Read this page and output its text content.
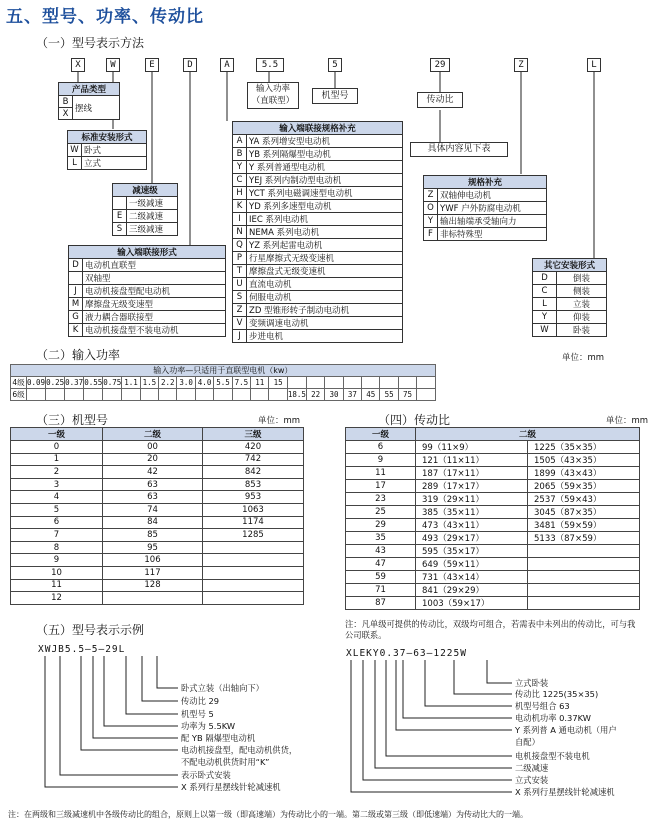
五、型号、功率、传动比
（一）型号表示方法
X	W	E	D	A	5.5	5	29	Z	L
产品类型
B	摆线
X
标准安装形式	
W	卧式
L	立式
减速级	
	一级减速
E	二级减速
S	三级减速
输入端联接形式	
D	电动机直联型
	双轴型
J	电动机接盘型配电动机
M	摩擦盘无级变速型
G	液力耦合器联接型
K	电动机接盘型不装电动机
输入功率
（直联型）	机型号	传动比
具体内容见下表
输入端联接规格补充	
A	YA 系列增安型电动机
B	YB 系列隔爆型电动机
Y	Y 系列普通型电动机
C	YEJ 系列内制动型电动机
H	YCT 系列电磁调速型电动机
K	YD 系列多速型电动机
I	IEC 系列电动机
N	NEMA 系列电动机
Q	YZ 系列起雷电动机
P	行星摩擦式无级变速机
T	摩擦盘式无级变速机
U	直流电动机
S	伺服电动机
Z	ZD 型锥形转子制动电动机
V	变频调速电动机
J	步进电机
规格补充	
Z	双轴伸电动机
O	YWF 户外防腐电动机
Y	输出轴端承受轴向力
F	非标特殊型
其它安装形式	
D	倒装
C	侧装
L	立装
Y	仰装
W	卧装
（二）输入功率	单位：mm
输入功率—只适用于直联型电机（kw）																						
4级	0.09	0.25	0.37	0.55	0.75	1.1	1.5	2.2	3.0	4.0	5.5	7.5	11	15								
6级															18.5	22	30	37	45	55	75	
（三）机型号	单位：mm
一级	二级	三级
0	00	420
1	20	742
2	42	842
3	63	853
4	63	953
5	74	1063
6	84	1174
7	85	1285
8	95	
9	106	
10	117	
11	128	
12		
（四）传动比	单位：mm
一级	二级	
6	99（11×9）	1225（35×35）
9	121（11×11）	1505（43×35）
11	187（17×11）	1899（43×43）
17	289（17×17）	2065（59×35）
23	319（29×11）	2537（59×43）
25	385（35×11）	3045（87×35）
29	473（43×11）	3481（59×59）
35	493（29×17）	5133（87×59）
43	595（35×17）	
47	649（59×11）	
59	731（43×14）	
71	841（29×29）	
87	1003（59×17）	
注：凡单级可提供的传动比，双级均可组合，若需表中未列出的传动比，可与我公司联系。
（五）型号表示示例
XWJB5.5—5—29L	XLEKY0.37—63—1225W
卧式立装（出轴向下）
传动比 29
机型号 5
功率为 5.5KW
配 YB 隔爆型电动机
电动机接盘型，配电动机供货，
不配电动机供货时用“K”
表示卧式安装
X 系列行星摆线针轮减速机
立式卧装
传动比 1225(35×35)
机型号组合 63
电动机功率 0.37KW
Y 系列普 A 通电动机（用户
自配）
电机接盘型不装电机
二级减速
立式安装
X 系列行星摆线针轮减速机
注：在两级和三级减速机中各级传动比的组合，原则上以第一级（即高速端）为传动比小的一端。第二级或第三级（即低速端）为传动比大的一端。
